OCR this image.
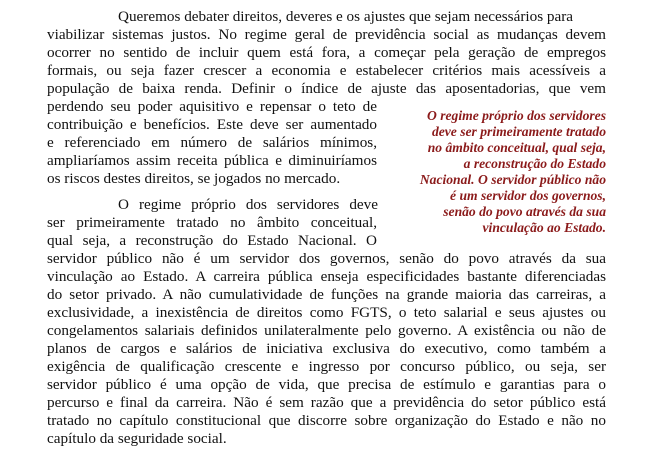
Queremos debater direitos, deveres e os ajustes que sejam necessários para
viabilizar sistemas justos. No regime geral de previdência social as mudanças devem
ocorrer no sentido de incluir quem está fora, a começar pela geração de empregos
formais, ou seja fazer crescer a economia e estabelecer critérios mais acessíveis a
população de baixa renda. Definir o índice de ajuste das aposentadorias, que vem
perdendo seu poder aquisitivo e repensar o teto de
contribuição e benefícios. Este deve ser aumentado
e referenciado em número de salários mínimos,
ampliaríamos assim receita pública e diminuiríamos
os riscos destes direitos, se jogados no mercado.
O regime próprio dos servidores deve
ser primeiramente tratado no âmbito conceitual,
qual seja, a reconstrução do Estado Nacional. O
servidor público não é um servidor dos governos, senão do povo através da sua
vinculação ao Estado. A carreira pública enseja especificidades bastante diferenciadas
do setor privado. A não cumulatividade de funções na grande maioria das carreiras, a
exclusividade, a inexistência de direitos como FGTS, o teto salarial e seus ajustes ou
congelamentos salariais definidos unilateralmente pelo governo. A existência ou não de
planos de cargos e salários de iniciativa exclusiva do executivo, como também a
exigência de qualificação crescente e ingresso por concurso público, ou seja, ser
servidor público é uma opção de vida, que precisa de estímulo e garantias para o
percurso e final da carreira. Não é sem razão que a previdência do setor público está
tratado no capítulo constitucional que discorre sobre organização do Estado e não no
capítulo da seguridade social.
O regime próprio dos servidores
deve ser primeiramente tratado
no âmbito conceitual, qual seja,
a reconstrução do Estado
Nacional. O servidor público não
é um servidor dos governos,
senão do povo através da sua
vinculação ao Estado.
